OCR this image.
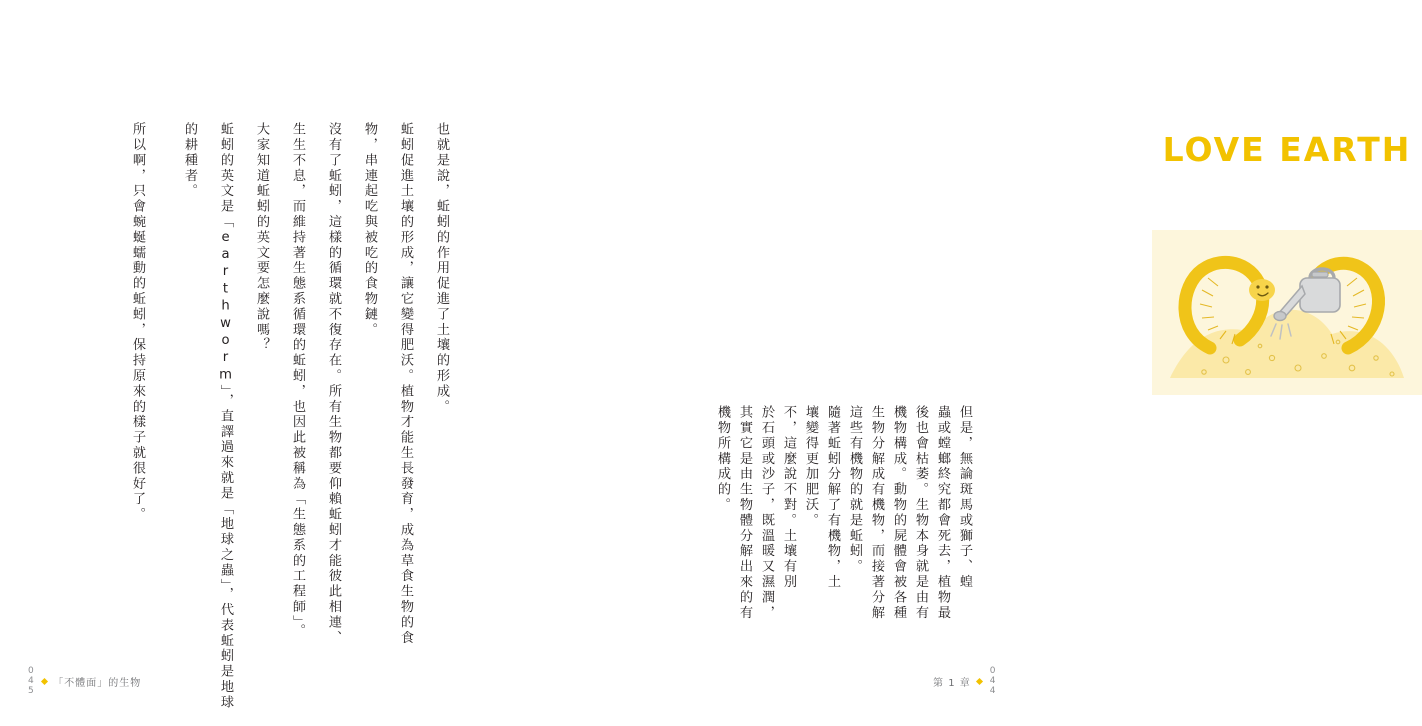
LOVE EARTH
但是，無論斑馬或獅子、蝗
蟲或螳螂終究都會死去，植物最
後也會枯萎。生物本身就是由有
機物構成。動物的屍體會被各種
生物分解成有機物，而接著分解
這些有機物的就是蚯蚓。
隨著蚯蚓分解了有機物，土
壤變得更加肥沃。
不，這麼說不對。土壤有別
於石頭或沙子，既溫暖又濕潤，
其實它是由生物體分解出來的有
機物所構成的。
第 1 章
0
4
4
也就是說，蚯蚓的作用促進了土壤的形成。
蚯蚓促進土壤的形成，讓它變得肥沃。植物才能生長發育，成為草食生物的食
物，串連起吃與被吃的食物鏈。
沒有了蚯蚓，這樣的循環就不復存在。所有生物都要仰賴蚯蚓才能彼此相連、
生生不息，而維持著生態系循環的蚯蚓，也因此被稱為「生態系的工程師」。
大家知道蚯蚓的英文要怎麼說嗎？
蚯蚓的英文是「earthworm」，直譯過來就是「地球之蟲」，代表蚯蚓是地球
的耕種者。
所以啊，只會蜿蜒蠕動的蚯蚓，保持原來的樣子就很好了。
0
4
5
「不體面」的生物
